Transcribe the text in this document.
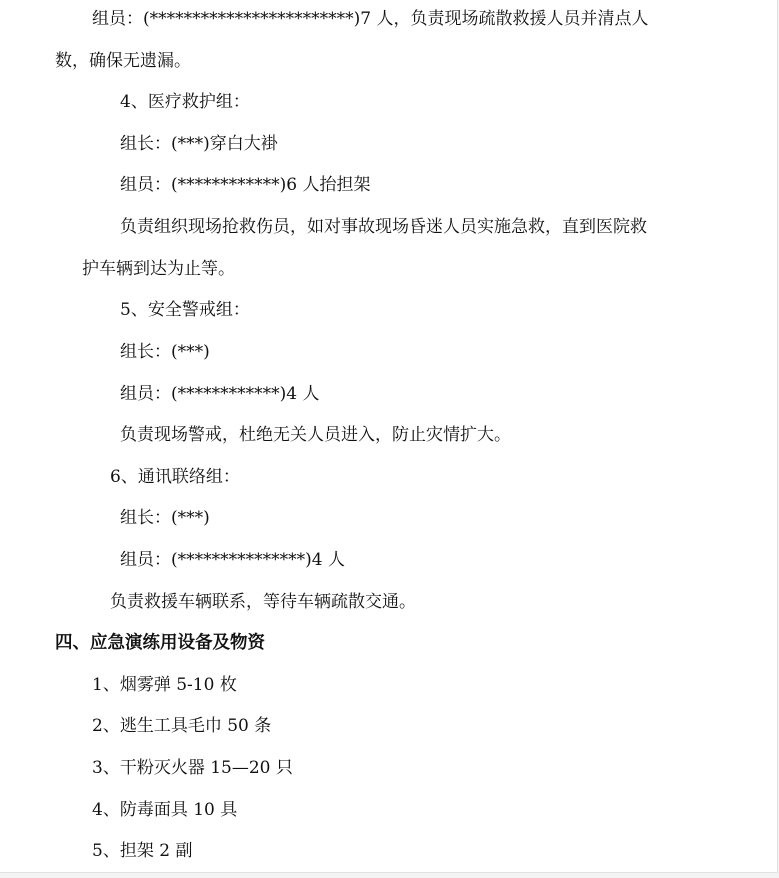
组员：(************************)7 人，负责现场疏散救援人员并清点人
数，确保无遗漏。
4、医疗救护组：
组长：(***)穿白大褂
组员：(************)6 人抬担架
负责组织现场抢救伤员，如对事故现场昏迷人员实施急救，直到医院救
护车辆到达为止等。
5、安全警戒组：
组长：(***)
组员：(************)4 人
负责现场警戒，杜绝无关人员进入，防止灾情扩大。
6、通讯联络组：
组长：(***)
组员：(***************)4 人
负责救援车辆联系，等待车辆疏散交通。
四、应急演练用设备及物资
1、烟雾弹 5-10 枚
2、逃生工具毛巾 50 条
3、干粉灭火器 15—20 只
4、防毒面具 10 具
5、担架 2 副
